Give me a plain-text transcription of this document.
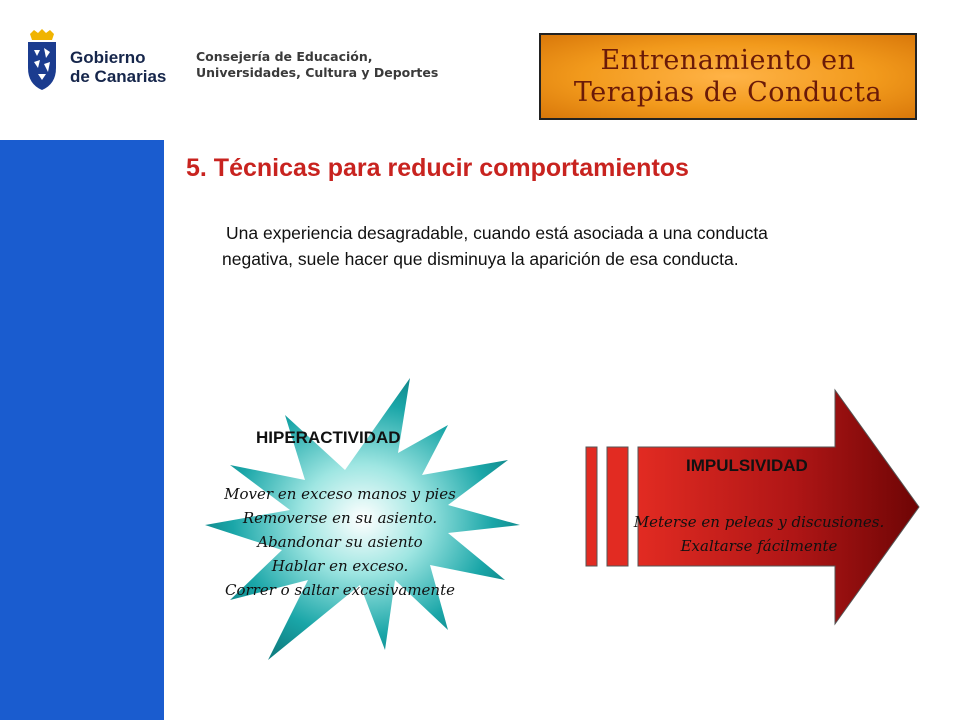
Gobierno
de Canarias
Consejería de Educación,
Universidades, Cultura y Deportes	Entrenamiento en
Terapias de Conducta
5. Técnicas para reducir comportamientos
Una experiencia desagradable, cuando está asociada a una conducta
negativa, suele hacer que disminuya la aparición de esa conducta.
HIPERACTIVIDAD
Mover en exceso manos y pies
Removerse en su asiento.
Abandonar su asiento
Hablar en exceso.
Correr o saltar excesivamente
IMPULSIVIDAD
Meterse en peleas y discusiones.
Exaltarse fácilmente
